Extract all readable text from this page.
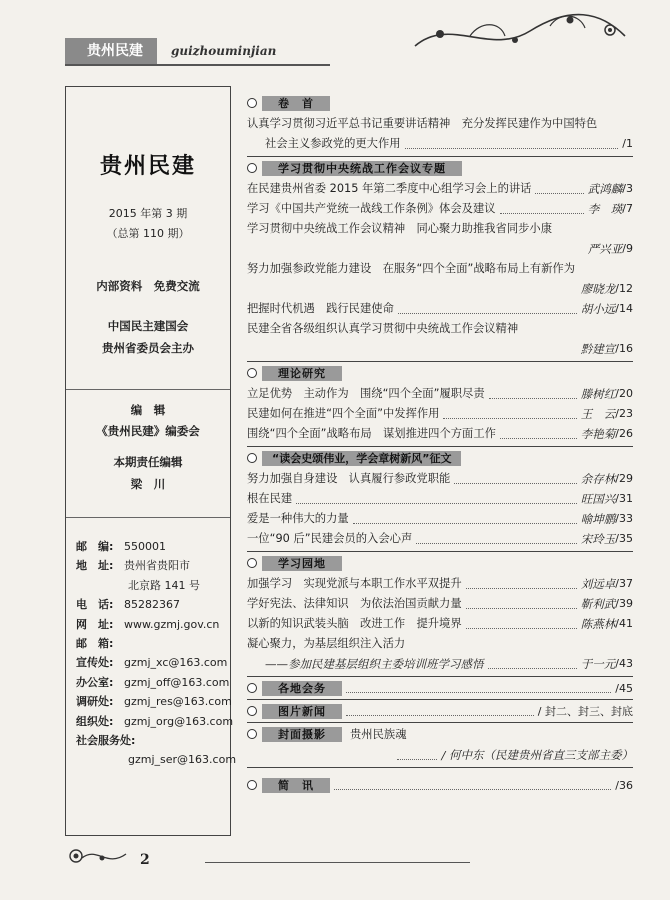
贵州民建	guizhouminjian
贵州民建
2015 年第 3 期
（总第 110 期）
内部资料　免费交流
中国民主建国会
贵州省委员会主办
编　辑
《贵州民建》编委会
本期责任编辑
梁　川
邮　编: 550001
地　址: 贵州省贵阳市
北京路 141 号
电　话: 85282367
网　址: www.gzmj.gov.cn
邮　箱:
宣传处: gzmj_xc@163.com
办公室: gzmj_off@163.com
调研处: gzmj_res@163.com
组织处: gzmj_org@163.com
社会服务处:
gzmj_ser@163.com
卷　首
认真学习贯彻习近平总书记重要讲话精神　充分发挥民建作为中国特色
社会主义参政党的更大作用	/1
学习贯彻中央统战工作会议专题
在民建贵州省委 2015 年第二季度中心组学习会上的讲话	武鸿麟 /3
学习《中国共产党统一战线工作条例》体会及建议	李　瑛 /7
学习贯彻中央统战工作会议精神　同心聚力助推我省同步小康
严兴亚 /9
努力加强参政党能力建设　在服务“四个全面”战略布局上有新作为
廖晓龙 /12
把握时代机遇　践行民建使命	胡小远 /14
民建全省各级组织认真学习贯彻中央统战工作会议精神
黔建宣 /16
理论研究
立足优势　主动作为　围绕“四个全面”履职尽责	滕树红 /20
民建如何在推进“四个全面”中发挥作用	王　云 /23
围绕“四个全面”战略布局　谋划推进四个方面工作	李艳菊 /26
“读会史颂伟业，学会章树新风”征文
努力加强自身建设　认真履行参政党职能	余存林 /29
根在民建	旺国兴 /31
爱是一种伟大的力量	喻坤鹏 /33
一位“90 后”民建会员的入会心声	宋玲玉 /35
学习园地
加强学习　实现党派与本职工作水平双提升	刘远卓 /37
学好宪法、法律知识　为依法治国贡献力量	靳利武 /39
以新的知识武装头脑　改进工作　提升境界	陈燕林 /41
凝心聚力，为基层组织注入活力
——参加民建基层组织主委培训班学习感悟	于一元 /43
各地会务	/45
图片新闻	/ 封二、封三、封底
封面摄影	贵州民族魂
/ 何中东（民建贵州省直三支部主委）
简　讯	/36
2
